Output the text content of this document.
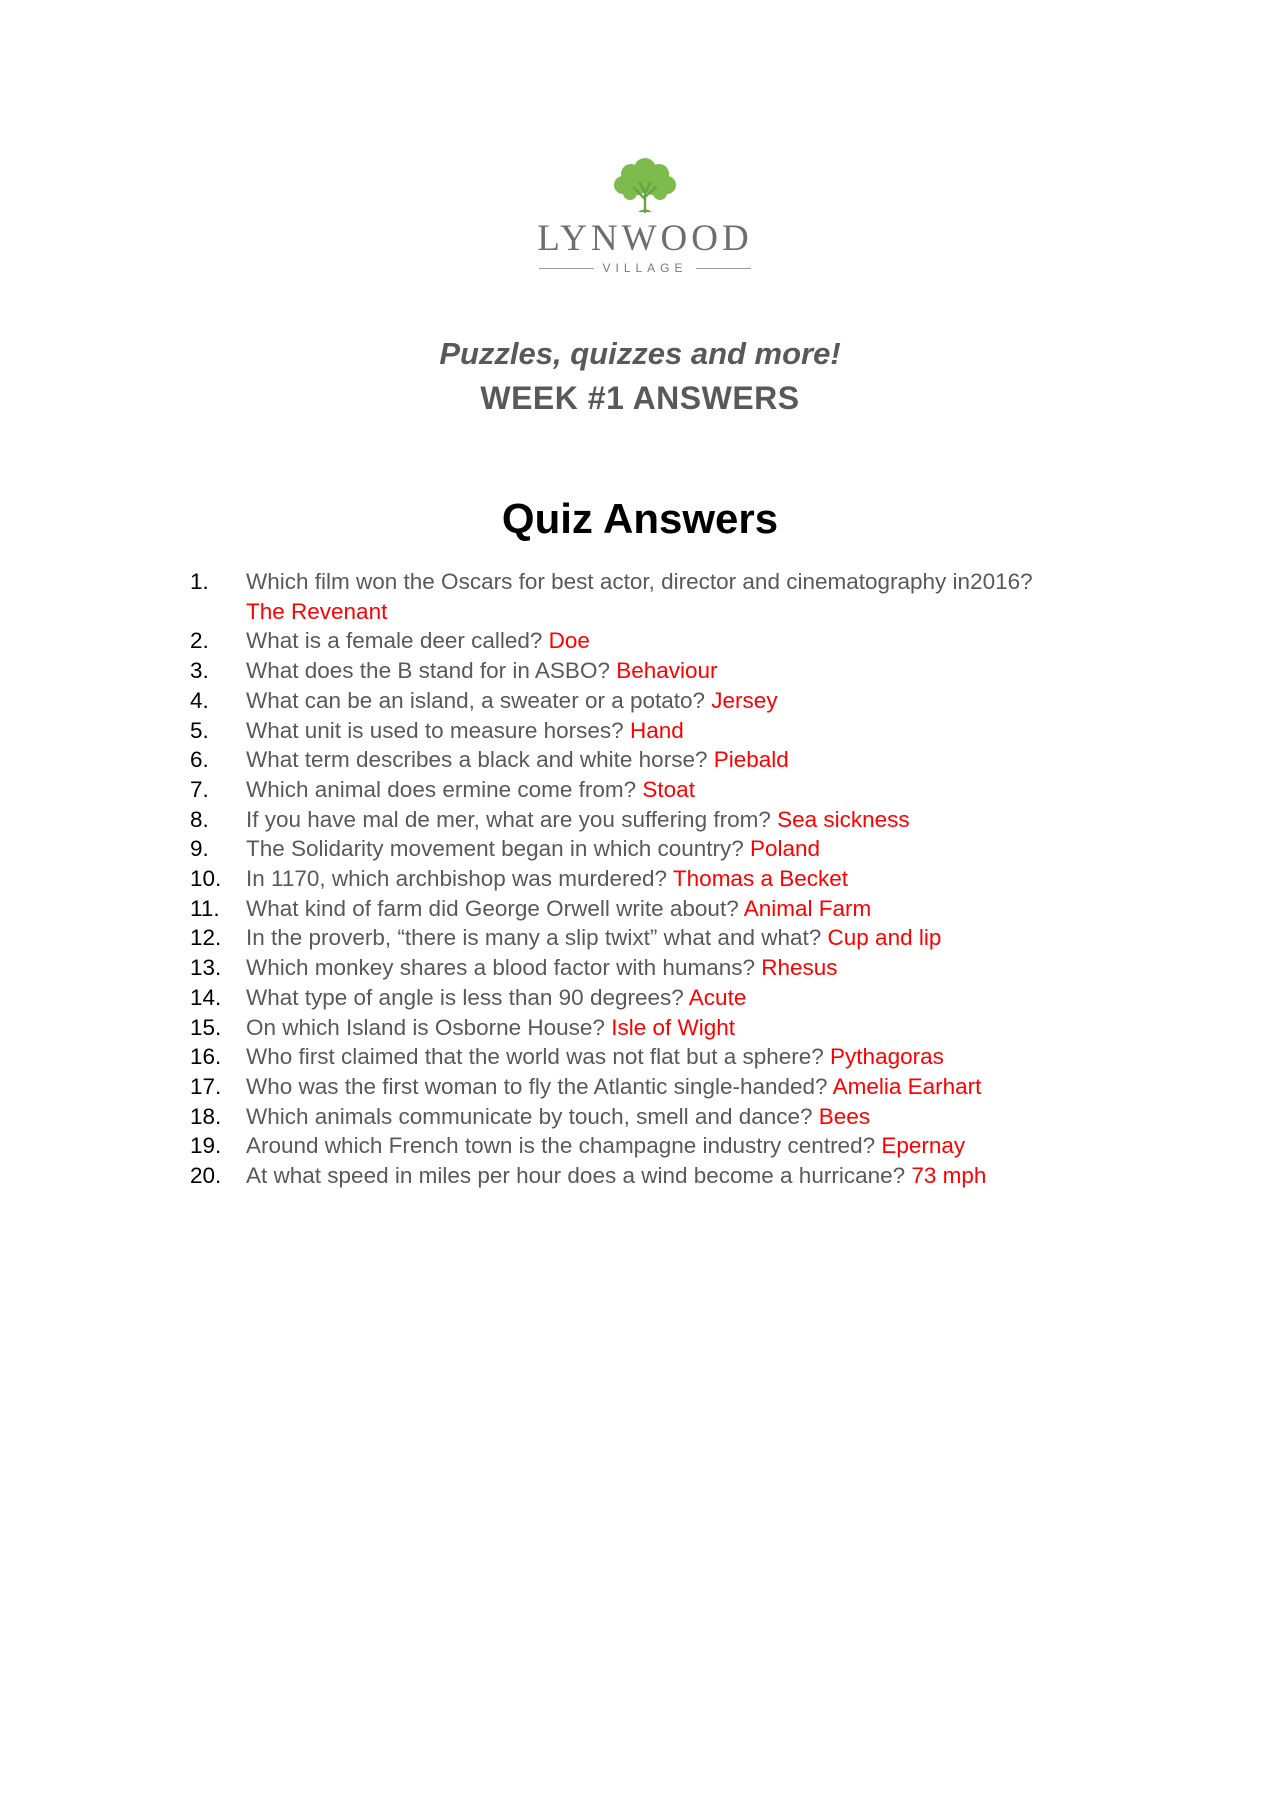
LYNWOOD
VILLAGE
Puzzles, quizzes and more!
WEEK #1 ANSWERS
Quiz Answers
1. Which film won the Oscars for best actor, director and cinematography in2016?
The Revenant
2. What is a female deer called? Doe
3. What does the B stand for in ASBO? Behaviour
4. What can be an island, a sweater or a potato? Jersey
5. What unit is used to measure horses? Hand
6. What term describes a black and white horse? Piebald
7. Which animal does ermine come from? Stoat
8. If you have mal de mer, what are you suffering from? Sea sickness
9. The Solidarity movement began in which country? Poland
10. In 1170, which archbishop was murdered? Thomas a Becket
11. What kind of farm did George Orwell write about? Animal Farm
12. In the proverb, “there is many a slip twixt” what and what? Cup and lip
13. Which monkey shares a blood factor with humans? Rhesus
14. What type of angle is less than 90 degrees? Acute
15. On which Island is Osborne House? Isle of Wight
16. Who first claimed that the world was not flat but a sphere? Pythagoras
17. Who was the first woman to fly the Atlantic single-handed? Amelia Earhart
18. Which animals communicate by touch, smell and dance? Bees
19. Around which French town is the champagne industry centred? Epernay
20. At what speed in miles per hour does a wind become a hurricane? 73 mph
